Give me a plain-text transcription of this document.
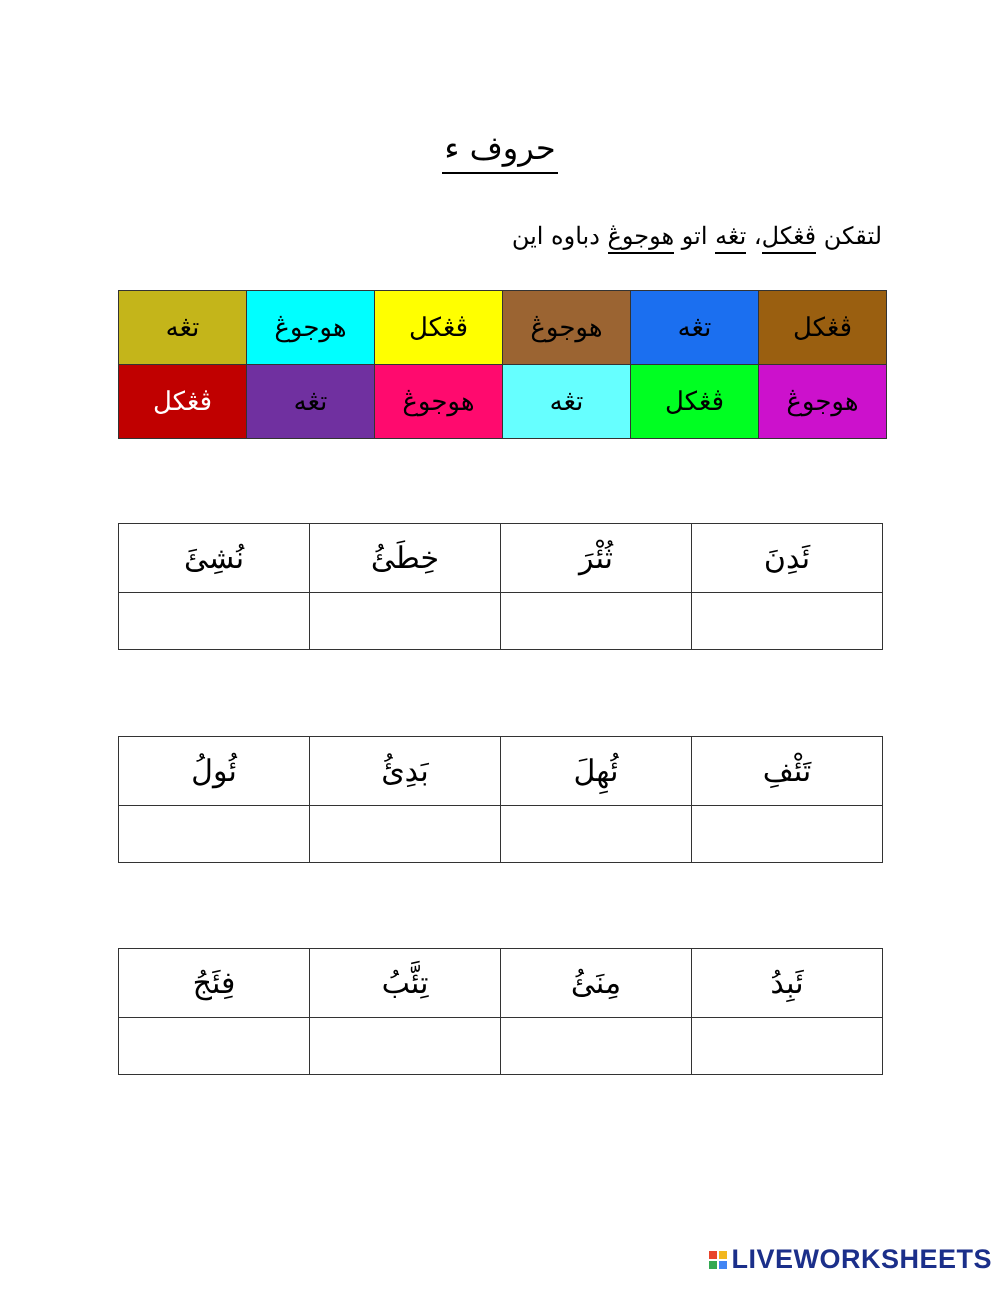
حروف ء
لتقكن ڤڠكل، تڠه اتو هوجوڠ دباوه اين
ڤڠكل	تڠه	هوجوڠ	ڤڠكل	هوجوڠ	تڠه
هوجوڠ	ڤڠكل	تڠه	هوجوڠ	تڠه	ڤڠكل
ئَدِنَ	ثُئْرَ	خِطَئُ	نُشِئَ

تَئْفِ	ئُهِلَ	بَدِئُ	ئُولُ

ئَبِدُ	مِنَئُ	تِئَّبُ	فِئَجُ

LIVEWORKSHEETS
